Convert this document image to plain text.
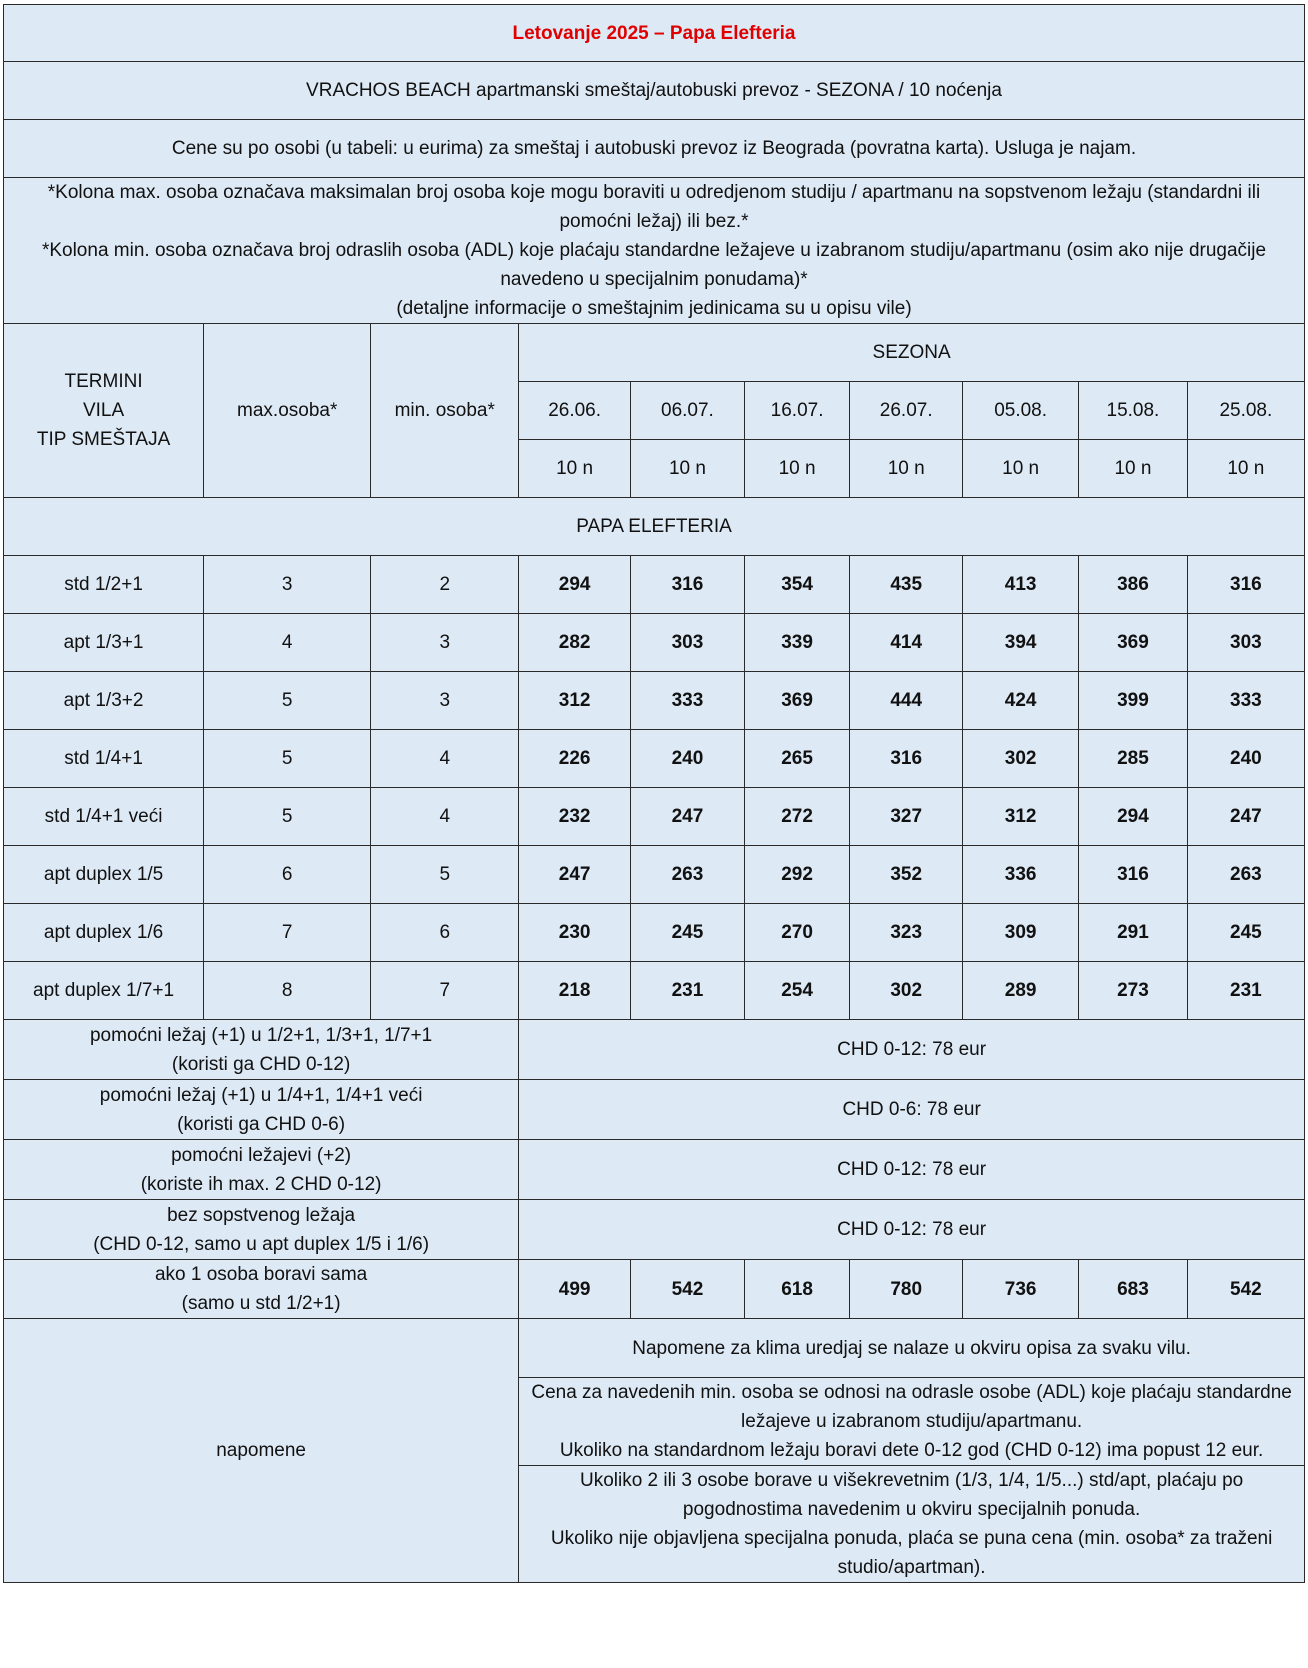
Letovanje 2025 – Papa Elefteria									
VRACHOS BEACH apartmanski smeštaj/autobuski prevoz - SEZONA / 10 noćenja									
Cene su po osobi (u tabeli: u eurima) za smeštaj i autobuski prevoz iz Beograda (povratna karta). Usluga je najam.									

*Kolona max. osoba označava maksimalan broj osoba koje mogu boraviti u odredjenom studiju / apartmanu na sopstvenom ležaju (standardni ili pomoćni ležaj) ili bez.*
*Kolona min. osoba označava broj odraslih osoba (ADL) koje plaćaju standardne ležajeve u izabranom studiju/apartmanu (osim ako nije drugačije navedeno u specijalnim ponudama)*
(detaljne informacije o smeštajnim jedinicama su u opisu vile)									

TERMINI
VILA
TIP SMEŠTAJA	max.osoba*	min. osoba*	SEZONA						
			26.06.	06.07.	16.07.	26.07.	05.08.	15.08.	25.08.
			10 n	10 n	10 n	10 n	10 n	10 n	10 n
PAPA ELEFTERIA									
std 1/2+1	3	2	294	316	354	435	413	386	316
apt 1/3+1	4	3	282	303	339	414	394	369	303
apt 1/3+2	5	3	312	333	369	444	424	399	333
std 1/4+1	5	4	226	240	265	316	302	285	240
std 1/4+1 veći	5	4	232	247	272	327	312	294	247
apt duplex 1/5	6	5	247	263	292	352	336	316	263
apt duplex 1/6	7	6	230	245	270	323	309	291	245
apt duplex 1/7+1	8	7	218	231	254	302	289	273	231

pomoćni ležaj (+1) u 1/2+1, 1/3+1, 1/7+1
(koristi ga CHD 0-12)			CHD 0-12: 78 eur						

pomoćni ležaj (+1) u 1/4+1, 1/4+1 veći
(koristi ga CHD 0-6)			CHD 0-6: 78 eur						

pomoćni ležajevi (+2)
(koriste ih max. 2 CHD 0-12)			CHD 0-12: 78 eur						

bez sopstvenog ležaja
(CHD 0-12, samo u apt duplex 1/5 i 1/6)			CHD 0-12: 78 eur						

ako 1 osoba boravi sama
(samo u std 1/2+1)			499	542	618	780	736	683	542
napomene			Napomene za klima uredjaj se nalaze u okviru opisa za svaku vilu.						

			Cena za navedenih min. osoba se odnosi na odrasle osobe (ADL) koje plaćaju standardne ležajeve u izabranom studiju/apartmanu.
Ukoliko na standardnom ležaju boravi dete 0-12 god (CHD 0-12) ima popust 12 eur.						

			Ukoliko 2 ili 3 osobe borave u višekrevetnim (1/3, 1/4, 1/5...) std/apt, plaćaju po pogodnostima navedenim u okviru specijalnih ponuda.
Ukoliko nije objavljena specijalna ponuda, plaća se puna cena (min. osoba* za traženi studio/apartman).						
